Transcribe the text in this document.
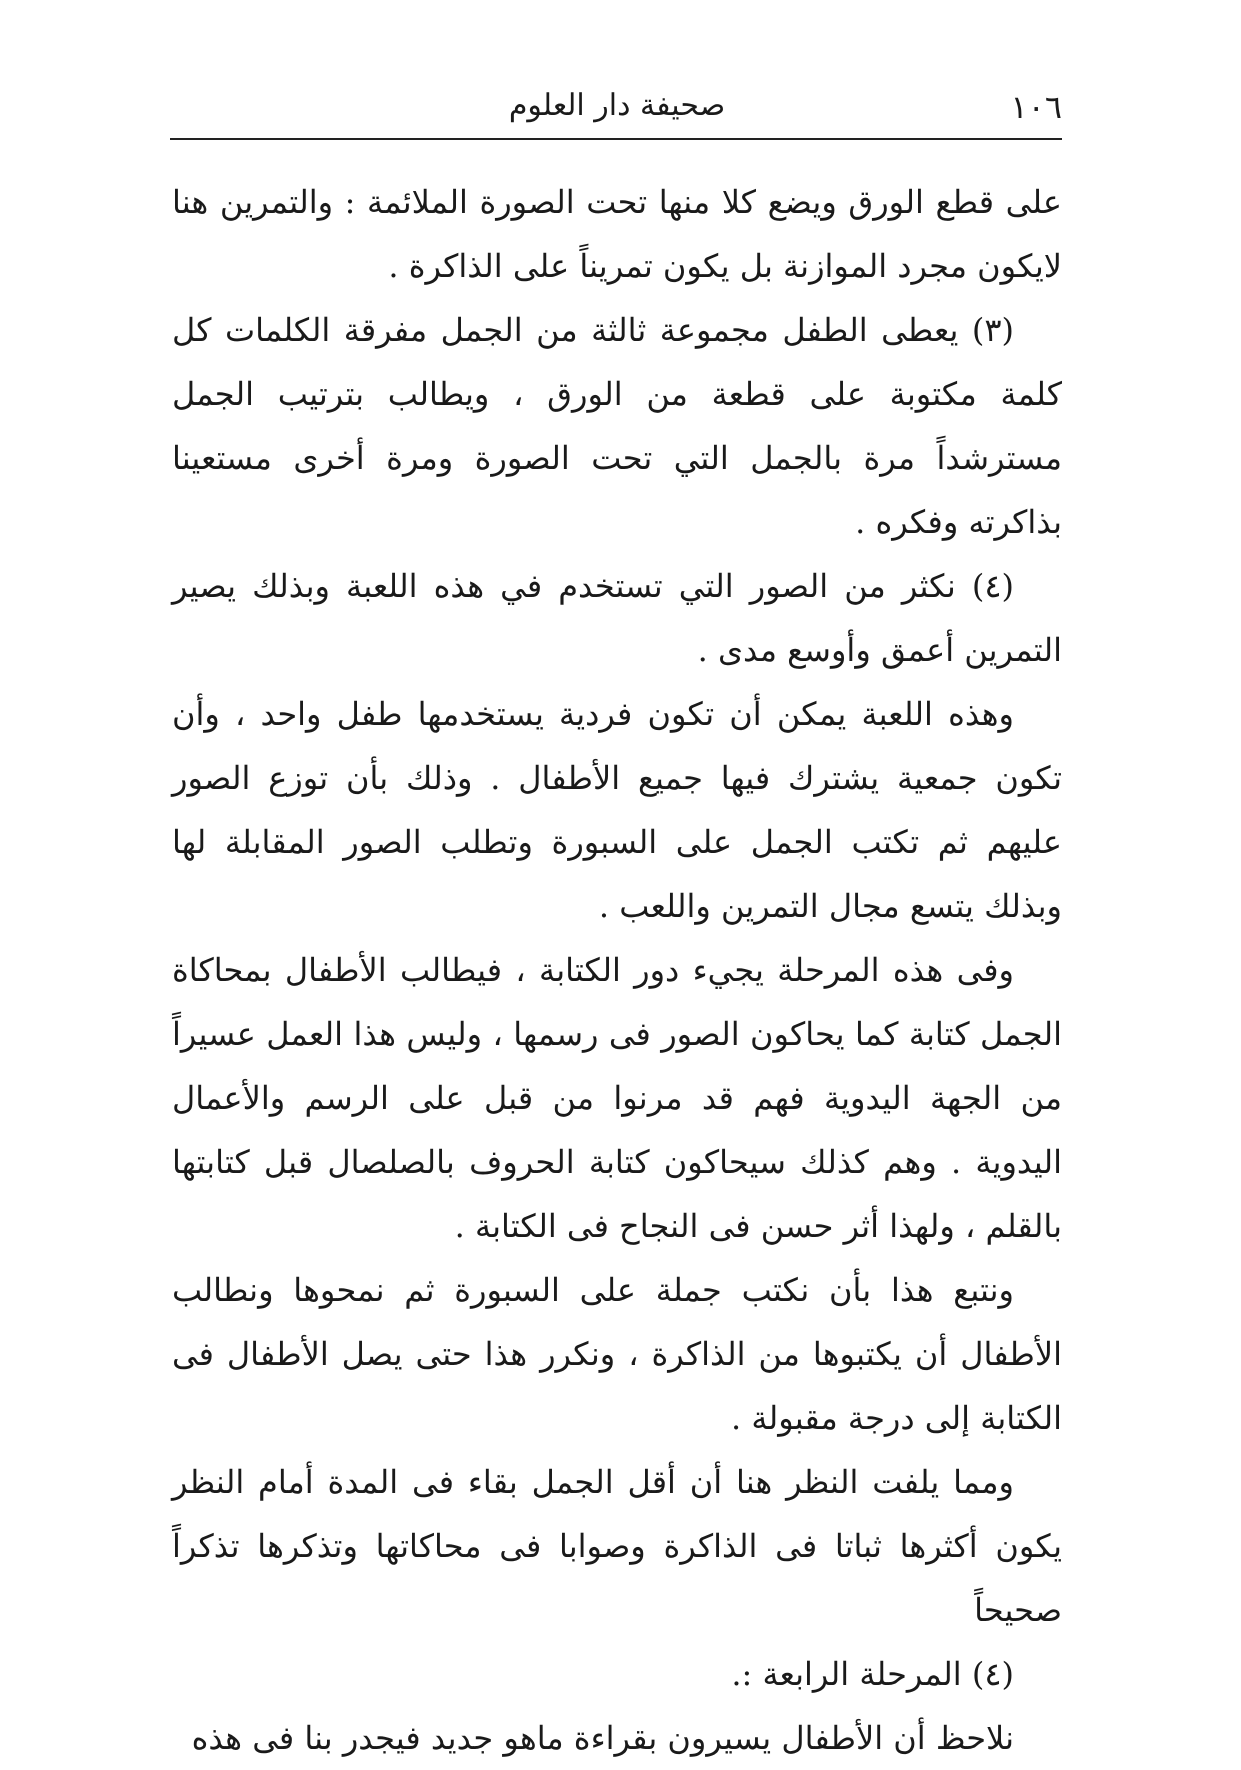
١٠٦
صحيفة دار العلوم

على قطع الورق ويضع كلا منها تحت الصورة الملائمة : والتمرين هنا لايكون مجرد الموازنة بل يكون تمريناً على الذاكرة .

(٣) يعطى الطفل مجموعة ثالثة من الجمل مفرقة الكلمات كل كلمة مكتوبة على قطعة من الورق ، ويطالب بترتيب الجمل مسترشداً مرة بالجمل التي تحت الصورة ومرة أخرى مستعينا بذاكرته وفكره .

(٤) نكثر من الصور التي تستخدم في هذه اللعبة وبذلك يصير التمرين أعمق وأوسع مدى .

وهذه اللعبة يمكن أن تكون فردية يستخدمها طفل واحد ، وأن تكون جمعية يشترك فيها جميع الأطفال . وذلك بأن توزع الصور عليهم ثم تكتب الجمل على السبورة وتطلب الصور المقابلة لها وبذلك يتسع مجال التمرين واللعب .

وفى هذه المرحلة يجيء دور الكتابة ، فيطالب الأطفال بمحاكاة الجمل كتابة كما يحاكون الصور فى رسمها ، وليس هذا العمل عسيراً من الجهة اليدوية فهم قد مرنوا من قبل على الرسم والأعمال اليدوية . وهم كذلك سيحاكون كتابة الحروف بالصلصال قبل كتابتها بالقلم ، ولهذا أثر حسن فى النجاح فى الكتابة .

ونتبع هذا بأن نكتب جملة على السبورة ثم نمحوها ونطالب الأطفال أن يكتبوها من الذاكرة ، ونكرر هذا حتى يصل الأطفال فى الكتابة إلى درجة مقبولة .

ومما يلفت النظر هنا أن أقل الجمل بقاء فى المدة أمام النظر يكون أكثرها ثباتا فى الذاكرة وصوابا فى محاكاتها وتذكرها تذكراً صحيحاً

(٤) المرحلة الرابعة :.

نلاحظ أن الأطفال يسيرون بقراءة ماهو جديد فيجدر بنا فى هذه
